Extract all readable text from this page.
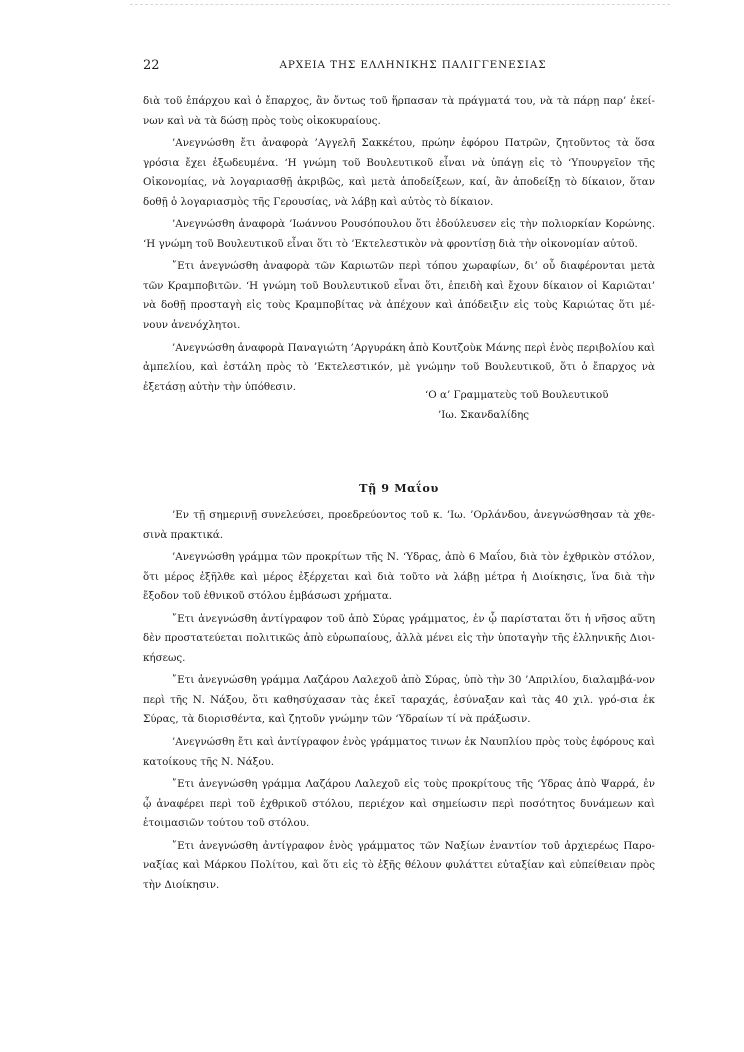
22	ΑΡΧΕΙΑ ΤΗΣ ΕΛΛΗΝΙΚΗΣ ΠΑΛΙΓΓΕΝΕΣΙΑΣ

διὰ τοῦ ἐπάρχου καὶ ὁ ἔπαρχος, ἂν ὄντως τοῦ ἥρπασαν τὰ πράγματά του, νὰ τὰ πάρῃ παρ’ ἐκεί-νων καὶ νὰ τὰ δώσῃ πρὸς τοὺς οἰκοκυραίους.

’Ανεγνώσθη ἔτι ἀναφορὰ ’Αγγελῆ Σακκέτου, πρώην ἐφόρου Πατρῶν, ζητοῦντος τὰ ὅσα γρόσια ἔχει ἐξωδευμένα. ‘Η γνώμη τοῦ Βουλευτικοῦ εἶναι νὰ ὑπάγῃ εἰς τὸ ‘Υπουργεῖον τῆς Οἰκονομίας, νὰ λογαριασθῇ ἀκριβῶς, καὶ μετὰ ἀποδείξεων, καί, ἂν ἀποδείξῃ τὸ δίκαιον, ὅταν δοθῇ ὁ λογαριασμὸς τῆς Γερουσίας, νὰ λάβῃ καὶ αὐτὸς τὸ δίκαιον.

’Ανεγνώσθη ἀναφορὰ ’Ιωάννου Ρουσόπουλου ὅτι ἐδούλευσεν εἰς τὴν πολιορκίαν Κορώνης. ‘Η γνώμη τοῦ Βουλευτικοῦ εἶναι ὅτι τὸ ’Εκτελεστικὸν νὰ φροντίσῃ διὰ τὴν οἰκονομίαν αὐτοῦ.

῎Ετι ἀνεγνώσθη ἀναφορὰ τῶν Καριωτῶν περὶ τόπου χωραφίων, δι’ οὗ διαφέρονται μετὰ τῶν Κραμποβιτῶν. ‘Η γνώμη τοῦ Βουλευτικοῦ εἶναι ὅτι, ἐπειδὴ καὶ ἔχουν δίκαιον οἱ Καριῶται’ νὰ δοθῇ προσταγὴ εἰς τοὺς Κραμποβίτας νὰ ἀπέχουν καὶ ἀπόδειξιν εἰς τοὺς Καριώτας ὅτι μέ-νουν ἀνενόχλητοι.

’Ανεγνώσθη ἀναφορὰ Παναγιώτη ’Αργυράκη ἀπὸ Κουτζοὺκ Μάνης περὶ ἑνὸς περιβολίου καὶ ἀμπελίου, καὶ ἐστάλη πρὸς τὸ ’Εκτελεστικόν, μὲ γνώμην τοῦ Βουλευτικοῦ, ὅτι ὁ ἔπαρχος νὰ ἐξετάσῃ αὐτὴν τὴν ὑπόθεσιν.

‘Ο α’ Γραμματεὺς τοῦ Βουλευτικοῦ
’Ιω. Σκανδαλίδης
Τῇ 9 Μαΐου

’Εν τῇ σημερινῇ συνελεύσει, προεδρεύοντος τοῦ κ. ’Ιω. ’Ορλάνδου, ἀνεγνώσθησαν τὰ χθε-σινὰ πρακτικά.

’Ανεγνώσθη γράμμα τῶν προκρίτων τῆς Ν. ‘Υδρας, ἀπὸ 6 Μαΐου, διὰ τὸν ἐχθρικὸν στόλον, ὅτι μέρος ἐξῆλθε καὶ μέρος ἐξέρχεται καὶ διὰ τοῦτο νὰ λάβῃ μέτρα ἡ Διοίκησις, ἵνα διὰ τὴν ἔξοδον τοῦ ἐθνικοῦ στόλου ἐμβάσωσι χρήματα.

῎Ετι ἀνεγνώσθη ἀντίγραφον τοῦ ἀπὸ Σύρας γράμματος, ἐν ᾧ παρίσταται ὅτι ἡ νῆσος αὕτη δὲν προστατεύεται πολιτικῶς ἀπὸ εὐρωπαίους, ἀλλὰ μένει εἰς τὴν ὑποταγὴν τῆς ἑλληνικῆς Διοι-κήσεως.

῎Ετι ἀνεγνώσθη γράμμα Λαζάρου Λαλεχοῦ ἀπὸ Σύρας, ὑπὸ τὴν 30 ’Απριλίου, διαλαμβά-νον περὶ τῆς Ν. Νάξου, ὅτι καθησύχασαν τὰς ἐκεῖ ταραχάς, ἐσύναξαν καὶ τὰς 40 χιλ. γρό-σια ἐκ Σύρας, τὰ διορισθέντα, καὶ ζητοῦν γνώμην τῶν ‘Υδραίων τί νὰ πράξωσιν.

’Ανεγνώσθη ἔτι καὶ ἀντίγραφον ἑνὸς γράμματος τινων ἐκ Ναυπλίου πρὸς τοὺς ἐφόρους καὶ κατοίκους τῆς Ν. Νάξου.

῎Ετι ἀνεγνώσθη γράμμα Λαζάρου Λαλεχοῦ εἰς τοὺς προκρίτους τῆς ‘Υδρας ἀπὸ Ψαρρά, ἐν ᾧ ἀναφέρει περὶ τοῦ ἐχθρικοῦ στόλου, περιέχον καὶ σημείωσιν περὶ ποσότητος δυνάμεων καὶ ἑτοιμασιῶν τούτου τοῦ στόλου.

῎Ετι ἀνεγνώσθη ἀντίγραφον ἑνὸς γράμματος τῶν Ναξίων ἐναντίον τοῦ ἀρχιερέως Παρο-ναξίας καὶ Μάρκου Πολίτου, καὶ ὅτι εἰς τὸ ἑξῆς θέλουν φυλάττει εὐταξίαν καὶ εὐπείθειαν πρὸς τὴν Διοίκησιν.
